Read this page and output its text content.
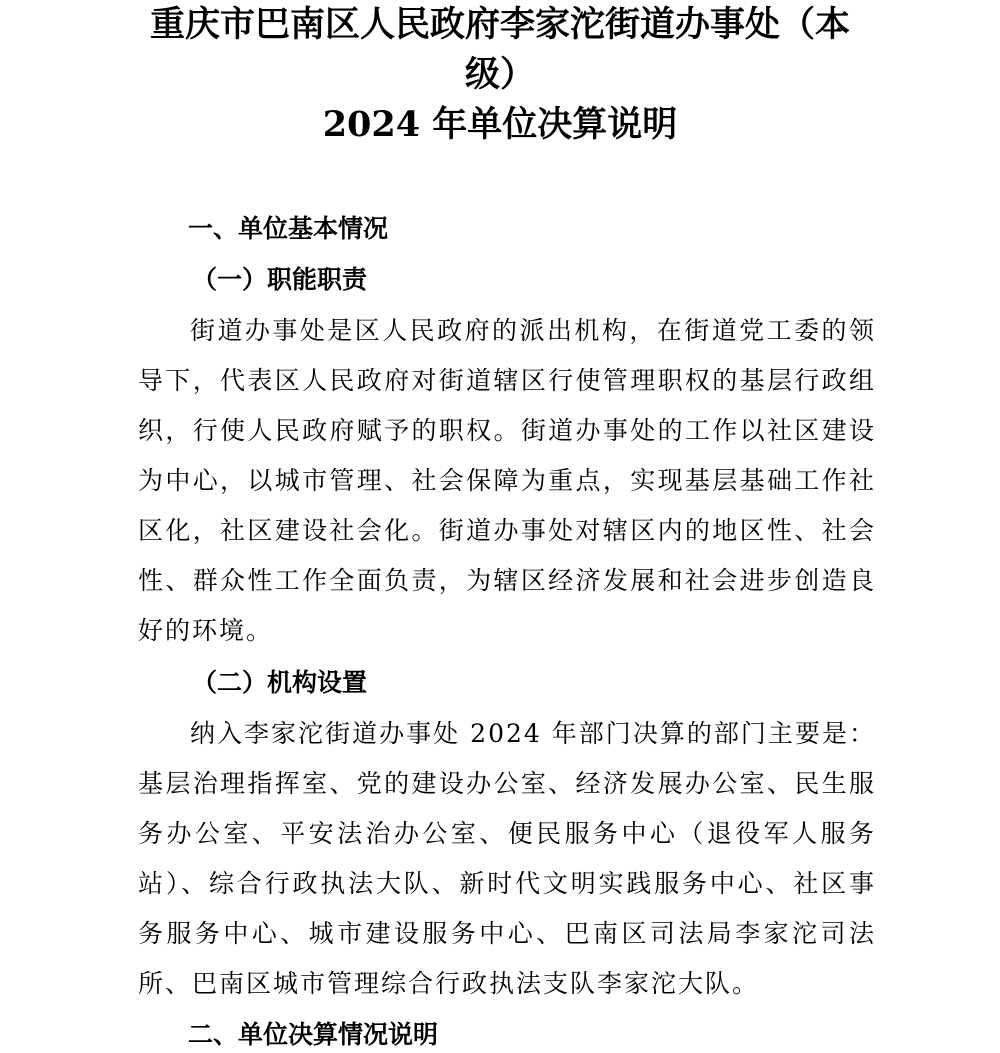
重庆市巴南区人民政府李家沱街道办事处（本
级）
2024 年单位决算说明
一、单位基本情况
（一）职能职责

街道办事处是区人民政府的派出机构，在街道党工委的领导下，代表区人民政府对街道辖区行使管理职权的基层行政组织，行使人民政府赋予的职权。街道办事处的工作以社区建设为中心，以城市管理、社会保障为重点，实现基层基础工作社区化，社区建设社会化。街道办事处对辖区内的地区性、社会性、群众性工作全面负责，为辖区经济发展和社会进步创造良好的环境。

（二）机构设置

纳入李家沱街道办事处 2024 年部门决算的部门主要是：基层治理指挥室、党的建设办公室、经济发展办公室、民生服务办公室、平安法治办公室、便民服务中心（退役军人服务站）、综合行政执法大队、新时代文明实践服务中心、社区事务服务中心、城市建设服务中心、巴南区司法局李家沱司法所、巴南区城市管理综合行政执法支队李家沱大队。

二、单位决算情况说明
